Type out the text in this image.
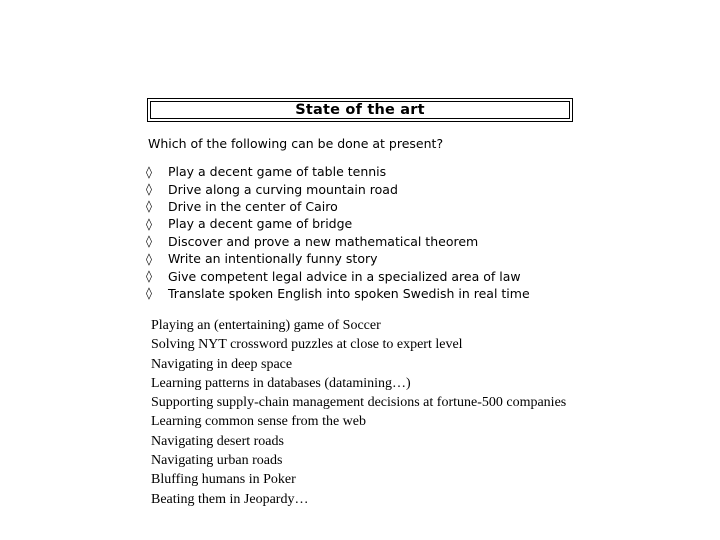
State of the art
Which of the following can be done at present?
◊	Play a decent game of table tennis
◊	Drive along a curving mountain road
◊	Drive in the center of Cairo
◊	Play a decent game of bridge
◊	Discover and prove a new mathematical theorem
◊	Write an intentionally funny story
◊	Give competent legal advice in a specialized area of law
◊	Translate spoken English into spoken Swedish in real time
Playing an (entertaining) game of Soccer
Solving NYT crossword puzzles at close to expert level
Navigating in deep space
Learning patterns in databases (datamining…)
Supporting supply-chain management decisions at fortune-500 companies
Learning common sense from the web
Navigating desert roads
Navigating urban roads
Bluffing humans in Poker
Beating them in Jeopardy…
